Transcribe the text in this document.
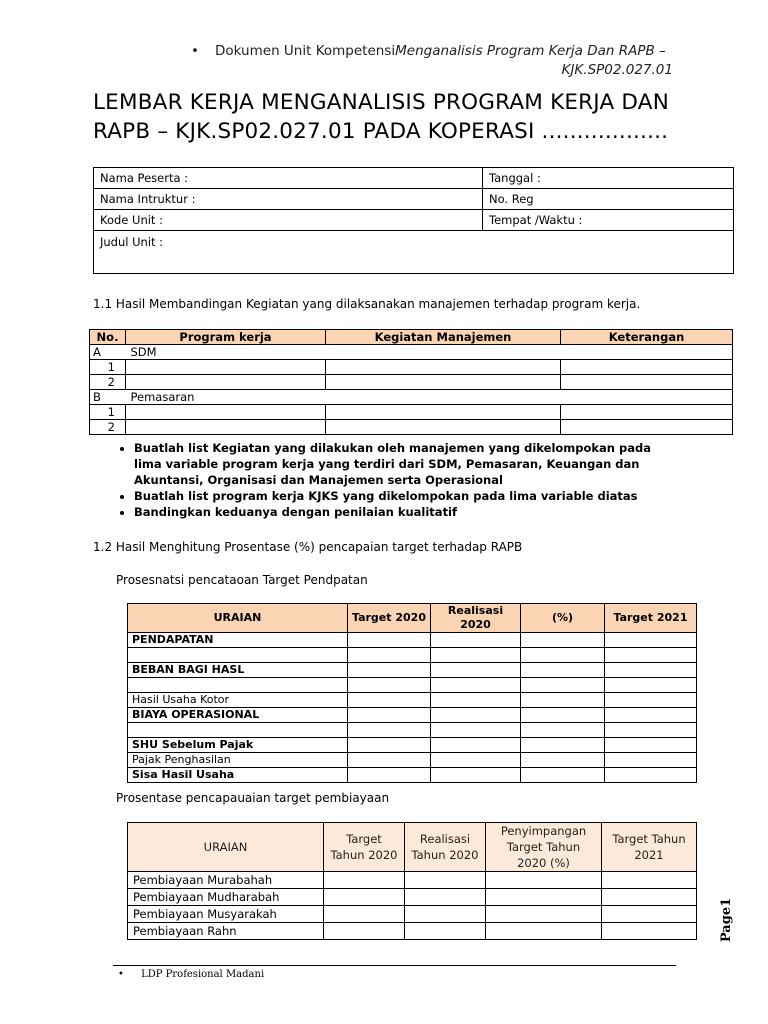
•	Dokumen Unit KompetensiMenganalisis Program Kerja Dan RAPB –
KJK.SP02.027.01
LEMBAR KERJA MENGANALISIS PROGRAM KERJA DAN
RAPB – KJK.SP02.027.01 PADA KOPERASI ..................
Nama Peserta :	Tanggal :
Nama Intruktur :	No. Reg
Kode Unit :	Tempat /Waktu :
Judul Unit :	
1.1 Hasil Membandingan Kegiatan yang dilaksanakan manajemen terhadap program kerja.
No.	Program kerja	Kegiatan Manajemen	Keterangan
A	SDM		
1			
2			
B	Pemasaran		
1			
2			
• Buatlah list Kegiatan yang dilakukan oleh manajemen yang dikelompokan pada lima variable program kerja yang terdiri dari SDM, Pemasaran, Keuangan dan Akuntansi, Organisasi dan Manajemen serta Operasional
• Buatlah list program kerja KJKS yang dikelompokan pada lima variable diatas
• Bandingkan keduanya dengan penilaian kualitatif
1.2 Hasil Menghitung Prosentase (%) pencapaian target terhadap RAPB
Prosesnatsi pencataoan Target Pendpatan
URAIAN	Target 2020	Realisasi 2020	(%)	Target 2021
PENDAPATAN				

BEBAN BAGI HASL				

Hasil Usaha Kotor				
BIAYA OPERASIONAL				

SHU Sebelum Pajak				
Pajak Penghasilan				
Sisa Hasil Usaha				
Prosentase pencapauaian target pembiayaan
URAIAN	Target Tahun 2020	Realisasi Tahun 2020	Penyimpangan Target Tahun 2020 (%)	Target Tahun 2021
Pembiayaan Murabahah				
Pembiayaan Mudharabah				
Pembiayaan Musyarakah				
Pembiayaan Rahn					Page1
• LDP Profesional Madani
